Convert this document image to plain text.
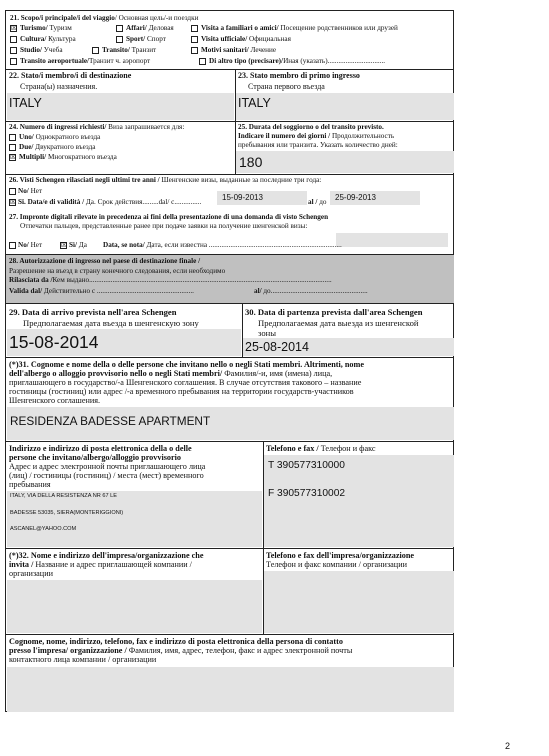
21. Scopo/i principale/i del viaggio/ Основная цель/-и поездки
☒ Turismo/ Туризм	Affari/ Деловая	Visita a familiari o amici/ Посещение родственников или друзей
Cultura/ Культура	Sport/ Спорт	Visita ufficiale/ Официальная
Studio/ Учеба	Transito/ Транзит	Motivi sanitari/ Лечение
Transito aeroportuale/Транзит ч. аэропорт	Di altro tipo (precisare)/Иная (указать)................................
22. Stato/i membro/i di destinazione
Страна(ы) назначения.
ITALY
23. Stato membro di primo ingresso
Страна первого въезда
ITALY
24. Numero di ingressi richiesti/ Виза запрашивается для:
Uno/ Однократного въезда
Due/ Двукратного въезда
☒ Multipli/ Многократного въезда
25. Durata del soggiorno o del transito previsto.
Indicare il numero dei giorni / Продолжительность
пребывания или транзита. Указать количество дней:
180
26. Visti Schengen rilasciati negli ultimi tre anni / Шенгенские визы, выданные за последние три года:
No/ Нет
☒ Si. Data/e di validità / Да. Срок действия.........dal/ с...............	15-09-2013	al / до 25-09-2013
27. Impronte digitali rilevate in precedenza ai fini della presentazione di una domanda di visto Schengen
Отпечатки пальцев, представленные ранее при подаче заявки на получение шенгенской визы:
No/ Нет	☒ Sì/ Да Data, se nota/ Дата, если известна ..........................................................................
28. Autorizzazione di ingresso nel paese di destinazione finale /
Разрешение на въезд в страну конечного следования, если необходимо
Rilasciata da /Кем выдано.......................................................................................................................................
Valida dal/ Действительно с ......................................................	al/ до......................................................
29. Data di arrivo prevista nell'area Schengen
Предполагаемая дата въезда в шенгенскую зону
15-08-2014
30. Data di partenza prevista dall'area Schengen
Предполагаемая дата выезда из шенгенской
зоны
25-08-2014
(*)31. Cognome e nome della o delle persone che invitano nello o negli Stati membri. Altrimenti, nome
dell'albergo o alloggio provvisorio nello o negli Stati membri/ Фамилия/-и, имя (имена) лица,
приглашающего в государство/-а Шенгенского соглашения. В случае отсутствия такового – название
гостиницы (гостиниц) или адрес /-а временного пребывания на территории государств-участников
Шенгенского соглашения.
RESIDENZA BADESSE APARTMENT
Indirizzo e indirizzo di posta elettronica della o delle
persone che invitano/albergo/alloggio provvisorio
Адрес и адрес электронной почты приглашающего лица
(лиц) / гостиницы (гостиниц) / места (мест) временного
пребывания
ITALY, VIA DELLA RESISTENZA NR 67 LE
BADESSE 53035, SIERA(MONTERIGGIONI)
ASCANEL@YAHOO.COM
Telefono e fax / Телефон и факс
T 390577310000
F 390577310002
(*)32. Nome e indirizzo dell'impresa/organizzazione che
invita / Название и адрес приглашающей компании /
организации
Telefono e fax dell'impresa/organizzazione
Телефон и факс компании / организации
Cognome, nome, indirizzo, telefono, fax e indirizzo di posta elettronica della persona di contatto
presso l'impresa/ organizzazione / Фамилия, имя, адрес, телефон, факс и адрес электронной почты
контактного лица компании / организации
2
